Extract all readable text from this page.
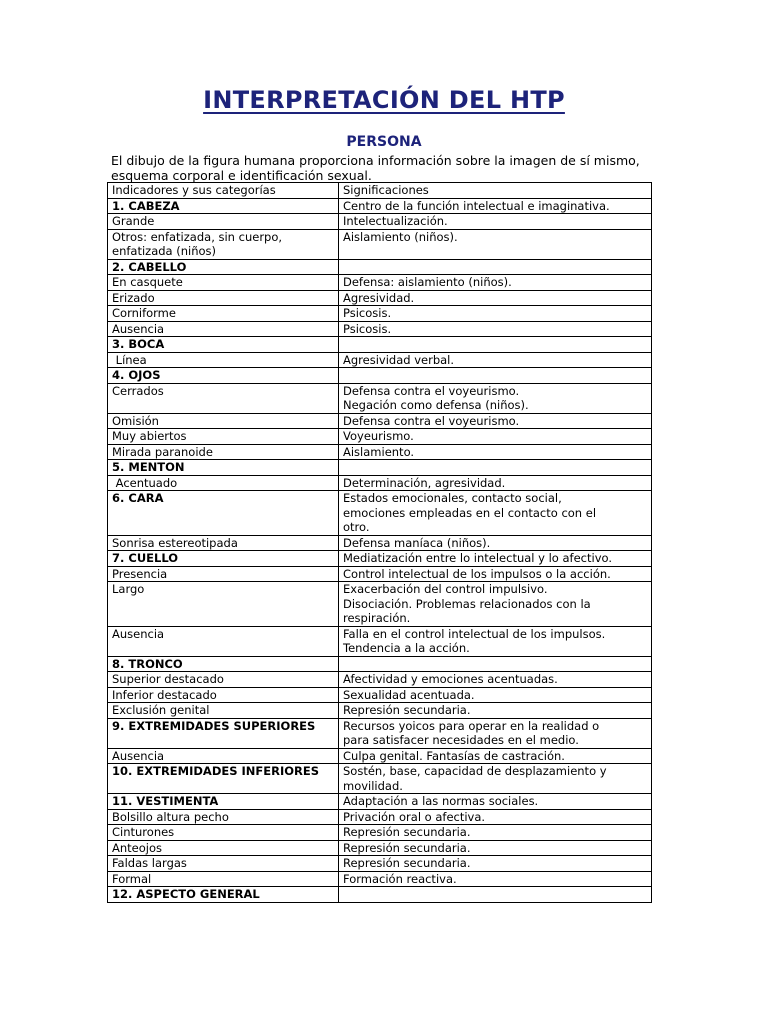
INTERPRETACIÓN DEL HTP
PERSONA

El dibujo de la figura humana proporciona información sobre la imagen de sí mismo, esquema corporal e identificación sexual.

Indicadores y sus categorías	Significaciones

1. CABEZA	Centro de la función intelectual e imaginativa.

Grande	Intelectualización.

Otros: enfatizada, sin cuerpo,
enfatizada (niños)	Aislamiento (niños).

2. CABELLO	

En casquete	Defensa: aislamiento (niños).

Erizado	Agresividad.

Corniforme	Psicosis.

Ausencia	Psicosis.

3. BOCA	

Línea	Agresividad verbal.

4. OJOS	

Cerrados	Defensa contra el voyeurismo.
Negación como defensa (niños).

Omisión	Defensa contra el voyeurismo.

Muy abiertos	Voyeurismo.

Mirada paranoide	Aislamiento.

5. MENTON	

Acentuado	Determinación, agresividad.

6. CARA	Estados emocionales, contacto social,
emociones empleadas en el contacto con el
otro.

Sonrisa estereotipada	Defensa maníaca (niños).

7. CUELLO	Mediatización entre lo intelectual y lo afectivo.

Presencia	Control intelectual de los impulsos o la acción.

Largo	Exacerbación del control impulsivo.
Disociación. Problemas relacionados con la
respiración.

Ausencia	Falla en el control intelectual de los impulsos.
Tendencia a la acción.

8. TRONCO	

Superior destacado	Afectividad y emociones acentuadas.

Inferior destacado	Sexualidad acentuada.

Exclusión genital	Represión secundaria.

9. EXTREMIDADES SUPERIORES	Recursos yoicos para operar en la realidad o
para satisfacer necesidades en el medio.

Ausencia	Culpa genital. Fantasías de castración.

10. EXTREMIDADES INFERIORES	Sostén, base, capacidad de desplazamiento y
movilidad.

11. VESTIMENTA	Adaptación a las normas sociales.

Bolsillo altura pecho	Privación oral o afectiva.

Cinturones	Represión secundaria.

Anteojos	Represión secundaria.

Faldas largas	Represión secundaria.

Formal	Formación reactiva.

12. ASPECTO GENERAL	
